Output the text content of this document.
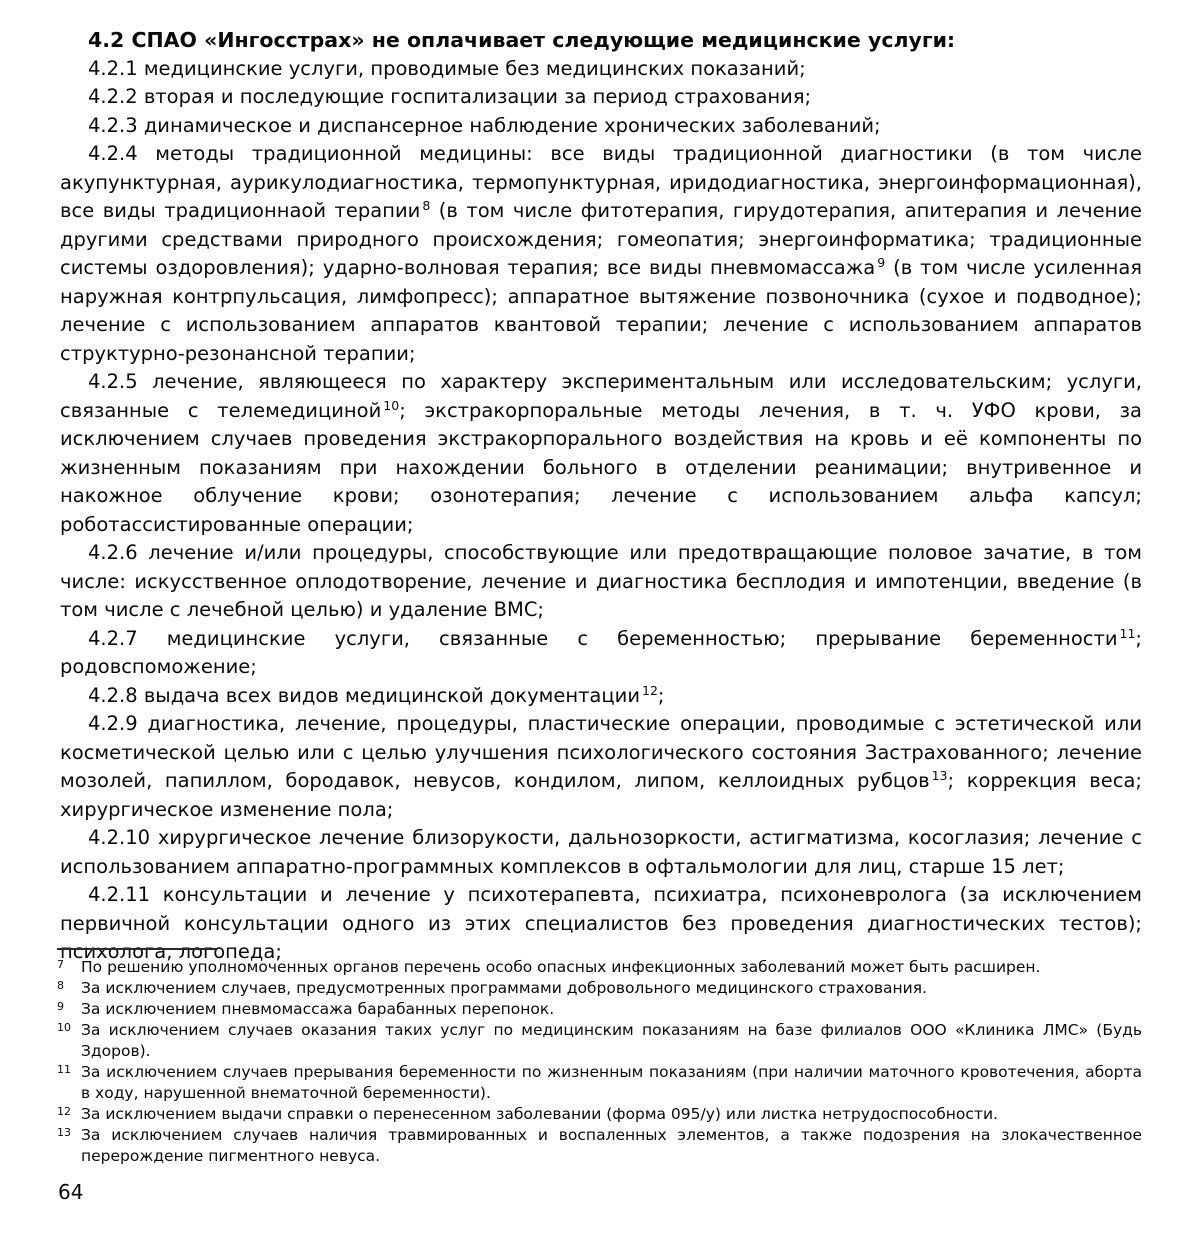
4.2 СПАО «Ингосстрах» не оплачивает следующие медицинские услуги:

4.2.1 медицинские услуги, проводимые без медицинских показаний;

4.2.2 вторая и последующие госпитализации за период страхования;

4.2.3 динамическое и диспансерное наблюдение хронических заболеваний;

4.2.4 методы традиционной медицины: все виды традиционной диагностики (в том числе акупунктурная, аурикулодиагностика, термопунктурная, иридодиагностика, энергоинформационная), все виды традиционнаой терапии $^8$ (в том числе фитотерапия, гирудотерапия, апитерапия и лечение другими средствами природного происхождения; гомеопатия; энергоинформатика; традиционные системы оздоровления); ударно-волновая терапия; все виды пневмомассажа $^9$ (в том числе усиленная наружная контрпульсация, лимфопресс); аппаратное вытяжение позвоночника (сухое и подводное); лечение с использованием аппаратов квантовой терапии; лечение с использованием аппаратов структурно-резонансной терапии;

4.2.5 лечение, являющееся по характеру экспериментальным или исследовательским; услуги, связанные с телемедициной $^{10}$; экстракорпоральные методы лечения, в т. ч. УФО крови, за исключением случаев проведения экстракорпорального воздействия на кровь и её компоненты по жизненным показаниям при нахождении больного в отделении реанимации; внутривенное и накожное облучение крови; озонотерапия; лечение с использованием альфа капсул; роботассистированные операции;

4.2.6 лечение и/или процедуры, способствующие или предотвращающие половое зачатие, в том числе: искусственное оплодотворение, лечение и диагностика бесплодия и импотенции, введение (в том числе с лечебной целью) и удаление ВМС;

4.2.7 медицинские услуги, связанные с беременностью; прерывание беременности $^{11}$; родовспоможение;

4.2.8 выдача всех видов медицинской документации $^{12}$;

4.2.9 диагностика, лечение, процедуры, пластические операции, проводимые с эстетической или косметической целью или с целью улучшения психологического состояния Застрахованного; лечение мозолей, папиллом, бородавок, невусов, кондилом, липом, келлоидных рубцов $^{13}$; коррекция веса; хирургическое изменение пола;

4.2.10 хирургическое лечение близорукости, дальнозоркости, астигматизма, косоглазия; лечение с использованием аппаратно-программных комплексов в офтальмологии для лиц, старше 15 лет;

4.2.11 консультации и лечение у психотерапевта, психиатра, психоневролога (за исключением первичной консультации одного из этих специалистов без проведения диагностических тестов); психолога, логопеда;

7 По решению уполномоченных органов перечень особо опасных инфекционных заболеваний может быть расширен.
8 За исключением случаев, предусмотренных программами добровольного медицинского страхования.
9 За исключением пневмомассажа барабанных перепонок.
10 За исключением случаев оказания таких услуг по медицинским показаниям на базе филиалов ООО «Клиника ЛМС» (Будь Здоров).
11 За исключением случаев прерывания беременности по жизненным показаниям (при наличии маточного кровотечения, аборта в ходу, нарушенной внематочной беременности).
12 За исключением выдачи справки о перенесенном заболевании (форма 095/у) или листка нетрудоспособности.
13 За исключением случаев наличия травмированных и воспаленных элементов, а также подозрения на злокачественное перерождение пигментного невуса.
64
